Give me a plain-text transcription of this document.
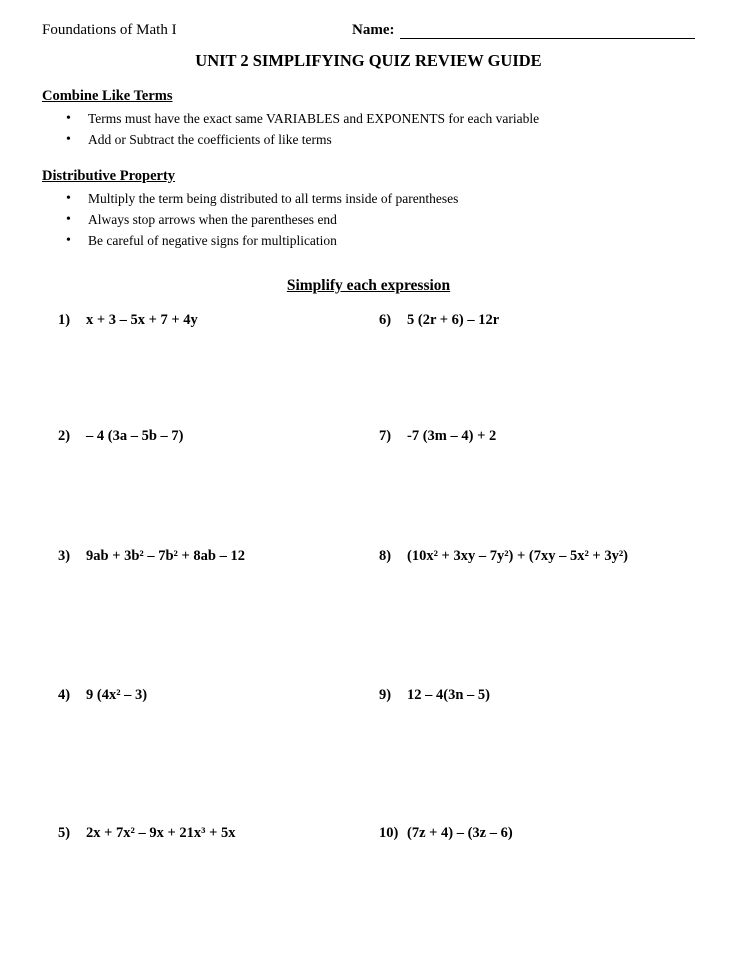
Foundations of Math I	Name:
UNIT 2 SIMPLIFYING QUIZ REVIEW GUIDE
Combine Like Terms
• Terms must have the exact same VARIABLES and EXPONENTS for each variable
• Add or Subtract the coefficients of like terms
Distributive Property
• Multiply the term being distributed to all terms inside of parentheses
• Always stop arrows when the parentheses end
• Be careful of negative signs for multiplication
Simplify each expression
1)	x + 3 – 5x + 7 + 4y	6)	5 (2r + 6) – 12r
2)	– 4 (3a – 5b – 7)	7)	-7 (3m – 4) + 2
3)	9ab + 3b² – 7b² + 8ab – 12	8)	(10x² + 3xy – 7y²) + (7xy – 5x² + 3y²)
4)	9 (4x² – 3)	9)	12 – 4(3n – 5)
5)	2x + 7x² – 9x + 21x³ + 5x	10) (7z + 4) – (3z – 6)
